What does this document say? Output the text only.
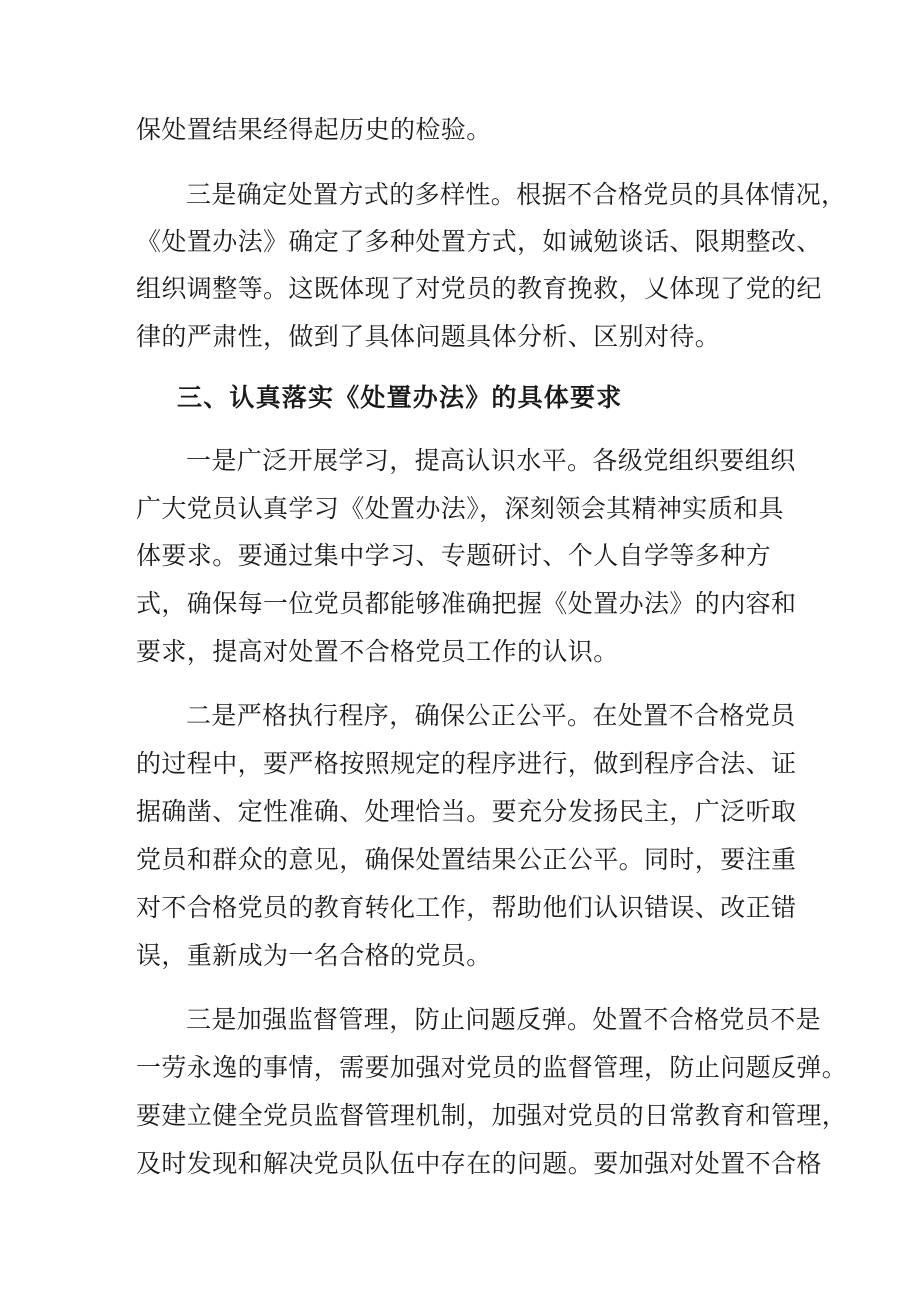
保处置结果经得起历史的检验。
三是确定处置方式的多样性。根据不合格党员的具体情况，
《处置办法》确定了多种处置方式，如诫勉谈话、限期整改、
组织调整等。这既体现了对党员的教育挽救，乂体现了党的纪
律的严肃性，做到了具体问题具体分析、区别对待。
三、认真落实《处置办法》的具体要求
一是广泛开展学习，提高认识水平。各级党组织要组织
广大党员认真学习《处置办法》，深刻领会其精神实质和具
体要求。要通过集中学习、专题研讨、个人自学等多种方
式，确保每一位党员都能够准确把握《处置办法》的内容和
要求，提高对处置不合格党员工作的认识。
二是严格执行程序，确保公正公平。在处置不合格党员
的过程中，要严格按照规定的程序进行，做到程序合法、证
据确凿、定性准确、处理恰当。要充分发扬民主，广泛听取
党员和群众的意见，确保处置结果公正公平。同时，要注重
对不合格党员的教育转化工作，帮助他们认识错误、改正错
误，重新成为一名合格的党员。
三是加强监督管理，防止问题反弹。处置不合格党员不是
一劳永逸的事情，需要加强对党员的监督管理，防止问题反弹。
要建立健全党员监督管理机制，加强对党员的日常教育和管理，
及时发现和解决党员队伍中存在的问题。要加强对处置不合格
